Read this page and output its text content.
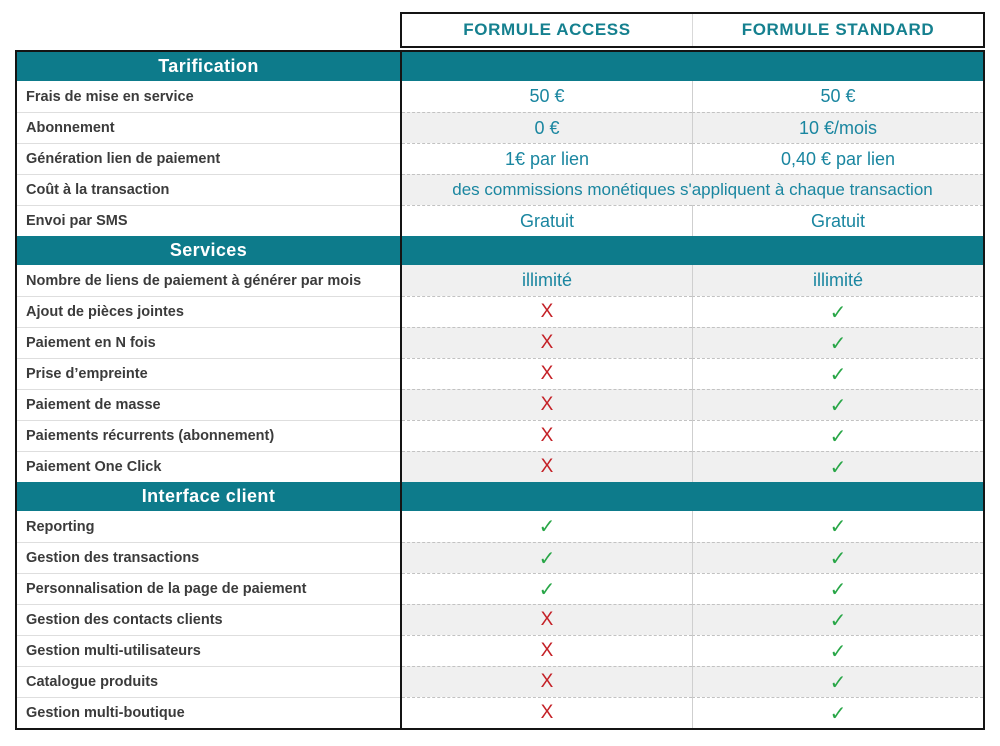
FORMULE ACCESS	FORMULE STANDARD
Tarification
Frais de mise en service	50 €	50 €
Abonnement	0 €	10 €/mois
Génération lien de paiement	1€ par lien	0,40 € par lien
Coût à la transaction	des commissions monétiques s'appliquent à chaque transaction
Envoi par SMS	Gratuit	Gratuit
Services
Nombre de liens de paiement à générer par mois	illimité	illimité
Ajout de pièces jointes	X	✓
Paiement en N fois	X	✓
Prise d’empreinte	X	✓
Paiement de masse	X	✓
Paiements récurrents (abonnement)	X	✓
Paiement One Click	X	✓
Interface client
Reporting	✓	✓
Gestion des transactions	✓	✓
Personnalisation de la page de paiement	✓	✓
Gestion des contacts clients	X	✓
Gestion multi-utilisateurs	X	✓
Catalogue produits	X	✓
Gestion multi-boutique	X	✓
